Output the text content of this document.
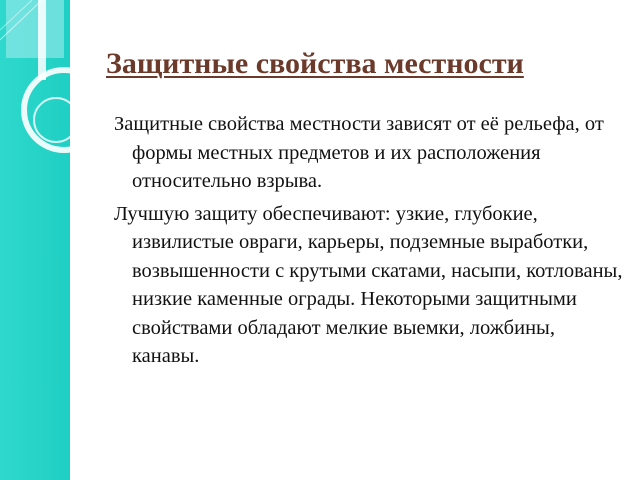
Защитные свойства местности

Защитные свойства местности зависят от её рельефа, от формы местных предметов и их расположения относительно взрыва.

Лучшую защиту обеспечивают: узкие, глубокие, извилистые овраги, карьеры, подземные выработки, возвышенности с крутыми скатами, насыпи, котлованы, низкие каменные ограды. Некоторыми защитными свойствами обладают мелкие выемки, ложбины, канавы.
